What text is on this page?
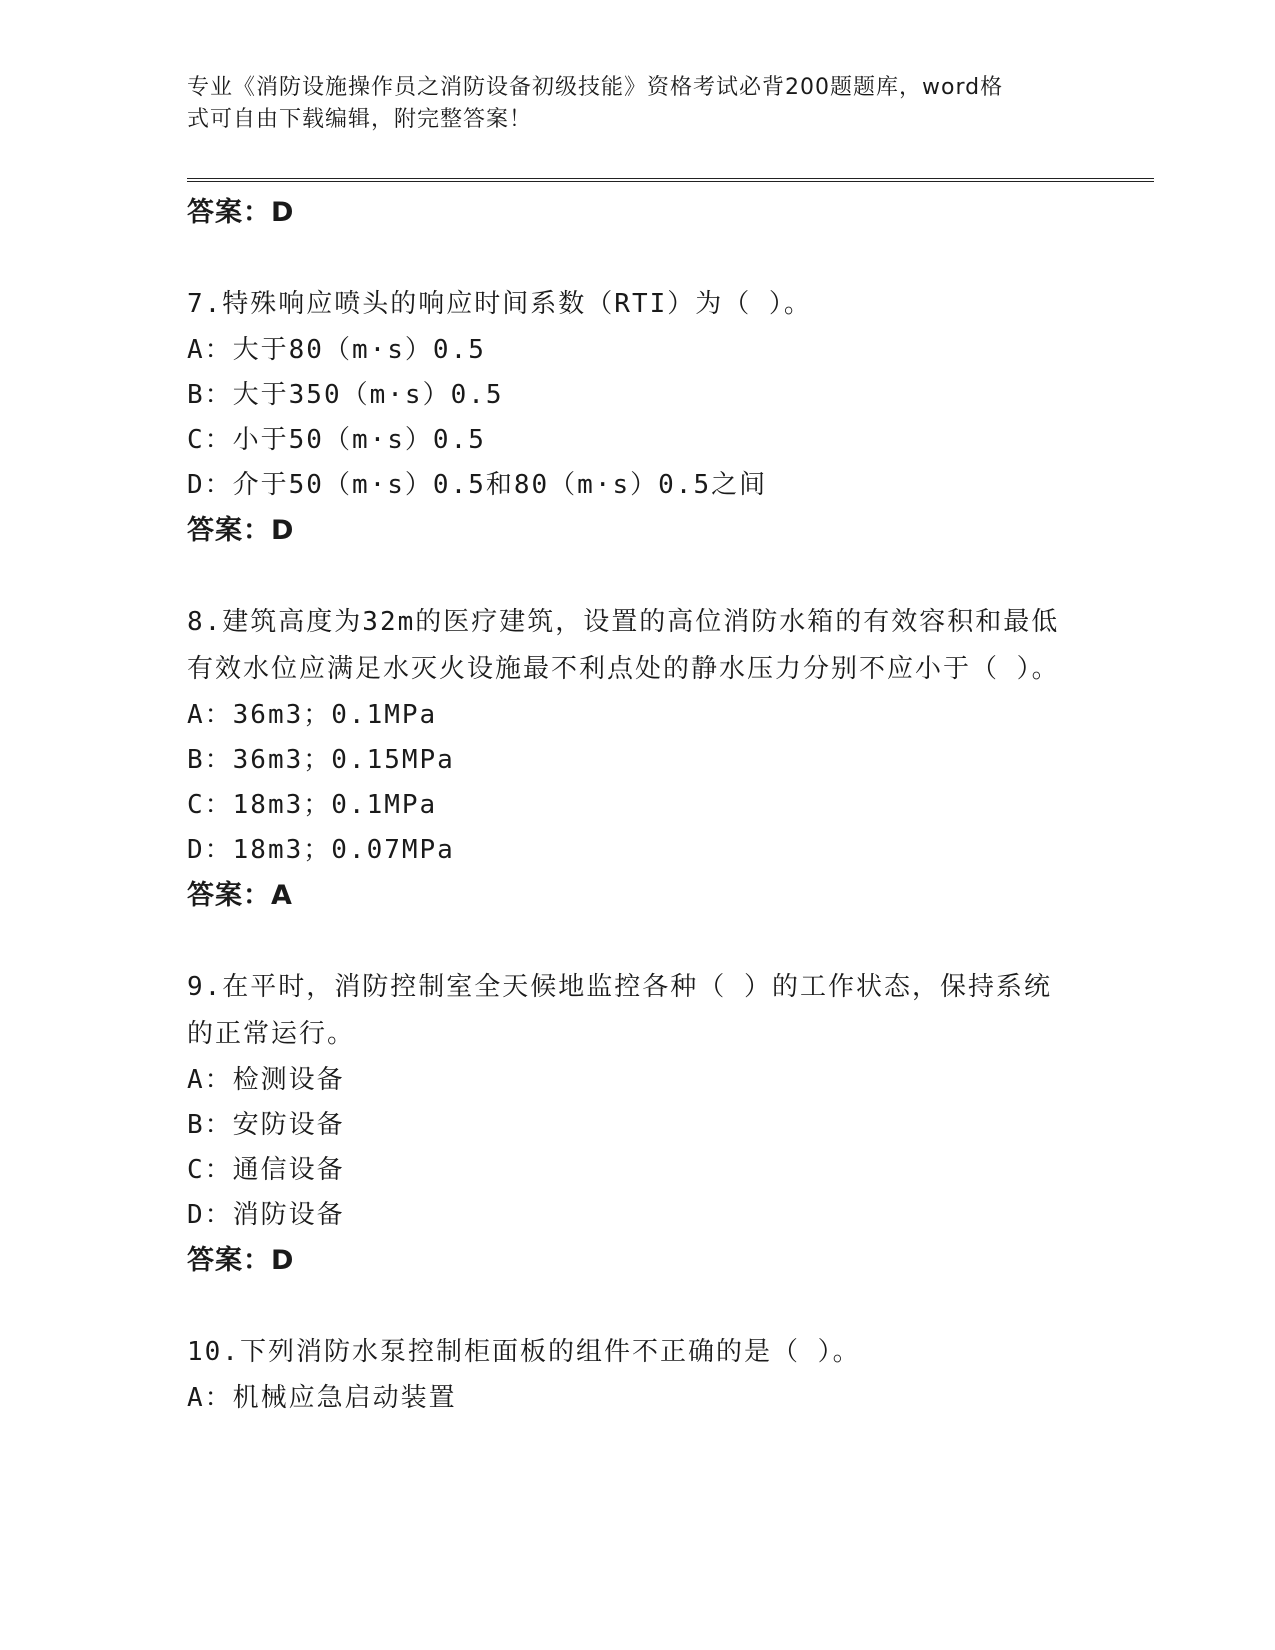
专业《消防设施操作员之消防设备初级技能》资格考试必背200题题库，word格
式可自由下载编辑，附完整答案！
答案：D
7.特殊响应喷头的响应时间系数（RTI）为（ ）。
A：大于80（m·s）0.5
B：大于350（m·s）0.5
C：小于50（m·s）0.5
D：介于50（m·s）0.5和80（m·s）0.5之间
答案：D
8.建筑高度为32m的医疗建筑，设置的高位消防水箱的有效容积和最低有效水位应满足水灭火设施最不利点处的静水压力分别不应小于（ ）。
A：36m3；0.1MPa
B：36m3；0.15MPa
C：18m3；0.1MPa
D：18m3；0.07MPa
答案：A
9.在平时，消防控制室全天候地监控各种（ ）的工作状态，保持系统的正常运行。
A：检测设备
B：安防设备
C：通信设备
D：消防设备
答案：D
10.下列消防水泵控制柜面板的组件不正确的是（ ）。
A：机械应急启动装置
